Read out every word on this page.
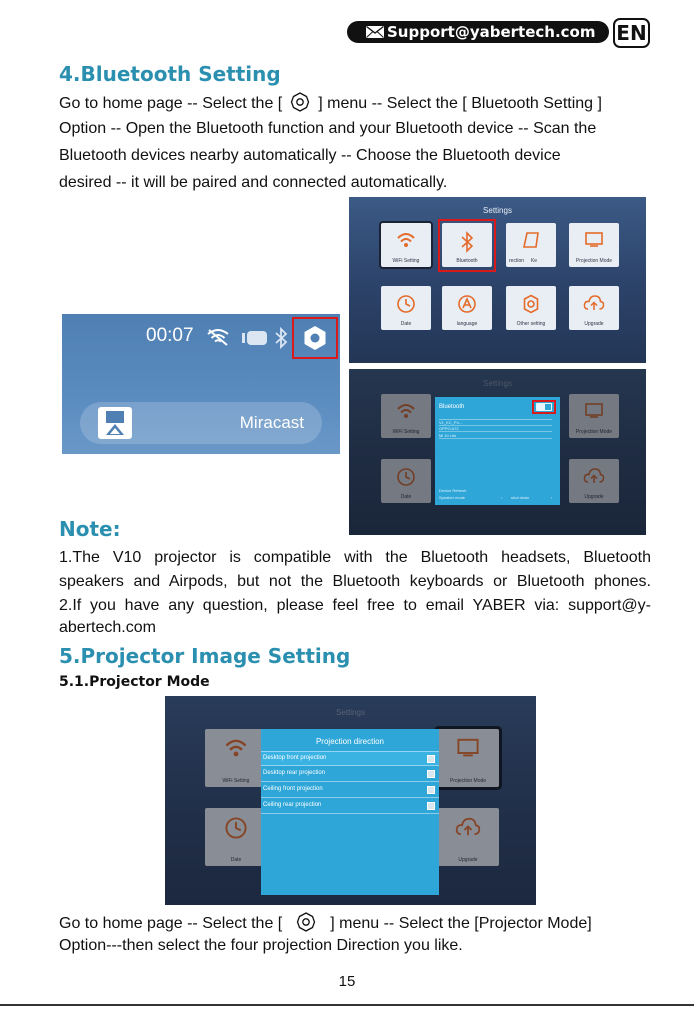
Support@yabertech.com	EN
4.Bluetooth Setting
Go to home page -- Select the [ ] menu -- Select the [ Bluetooth Setting ]
Option -- Open the Bluetooth function and your Bluetooth device -- Scan the
Bluetooth devices nearby automatically -- Choose the Bluetooth device
desired -- it will be paired and connected automatically.
00:07
Miracast
Settings
WiFi Setting	Bluetooth	rection Ke	Projection Mode
Date	language	Other setting	Upgrade
Bluetooth
V1_KC_P4...
OPPO A72
Mi 10 Lite
Device Refresh
Speaker mode	‹ shut down	›
Note:
1.The V10 projector is compatible with the Bluetooth headsets, Bluetooth
speakers and Airpods, but not the Bluetooth keyboards or Bluetooth phones.
2.If you have any question, please feel free to email YABER via: support@y-
abertech.com
5.Projector Image Setting
5.1.Projector Mode
Settings
WiFi Setting	Projection Mode
Date	Upgrade
Projection direction
Desktop front projection
Desktop rear projection
Ceiling front projection
Ceiling rear projection
Go to home page -- Select the [	] menu -- Select the [Projector Mode]
Option---then select the four projection Direction you like.
15
